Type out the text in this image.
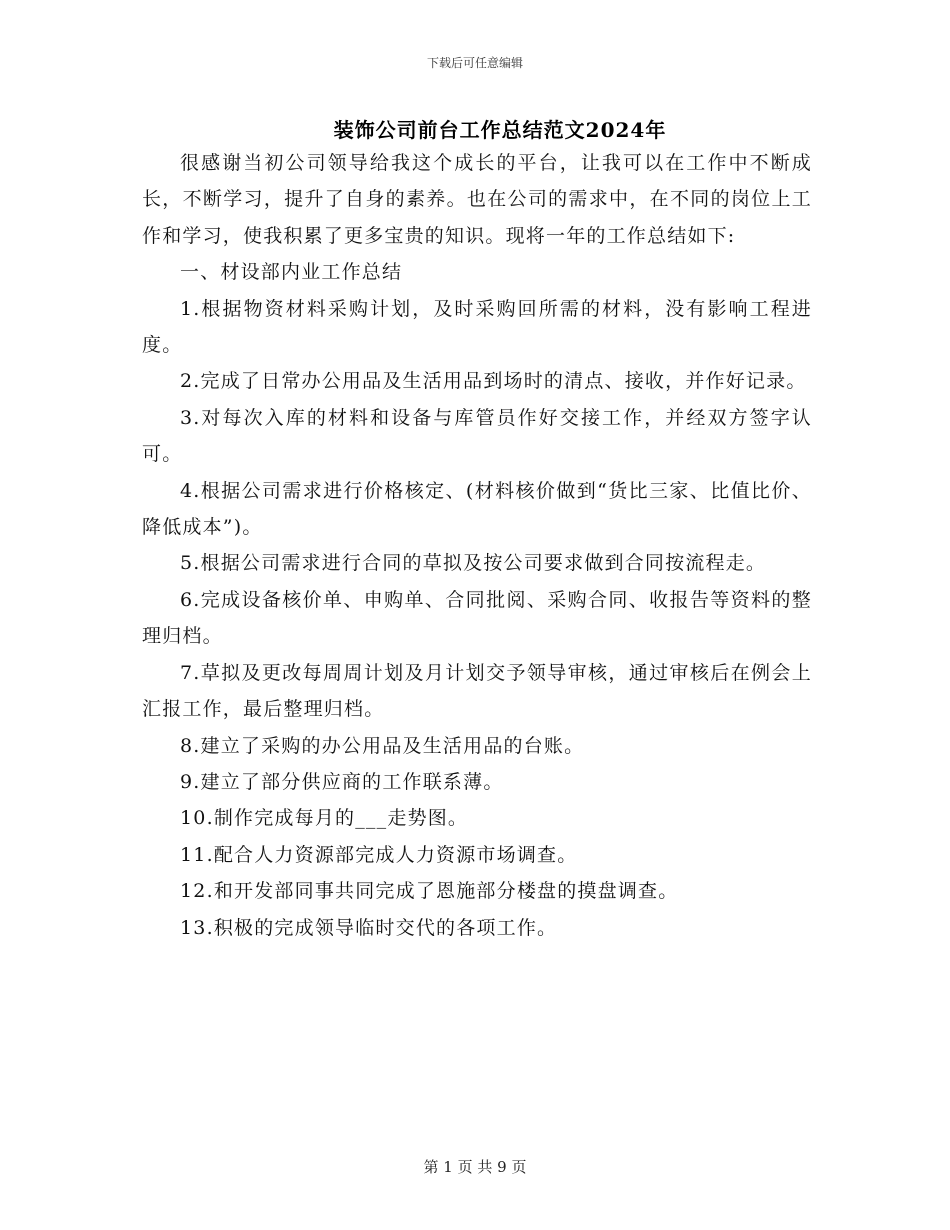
下载后可任意编辑
装饰公司前台工作总结范文2024年

很感谢当初公司领导给我这个成长的平台，让我可以在工作中不断成长，不断学习，提升了自身的素养。也在公司的需求中，在不同的岗位上工作和学习，使我积累了更多宝贵的知识。现将一年的工作总结如下:

一、材设部内业工作总结

1.根据物资材料采购计划，及时采购回所需的材料，没有影响工程进度。

2.完成了日常办公用品及生活用品到场时的清点、接收，并作好记录。

3.对每次入库的材料和设备与库管员作好交接工作，并经双方签字认可。

4.根据公司需求进行价格核定、(材料核价做到“货比三家、比值比价、降低成本”)。

5.根据公司需求进行合同的草拟及按公司要求做到合同按流程走。

6.完成设备核价单、申购单、合同批阅、采购合同、收报告等资料的整理归档。

7.草拟及更改每周周计划及月计划交予领导审核，通过审核后在例会上汇报工作，最后整理归档。

8.建立了采购的办公用品及生活用品的台账。

9.建立了部分供应商的工作联系薄。

10.制作完成每月的___走势图。

11.配合人力资源部完成人力资源市场调查。

12.和开发部同事共同完成了恩施部分楼盘的摸盘调查。

13.积极的完成领导临时交代的各项工作。

第 1 页 共 9 页
